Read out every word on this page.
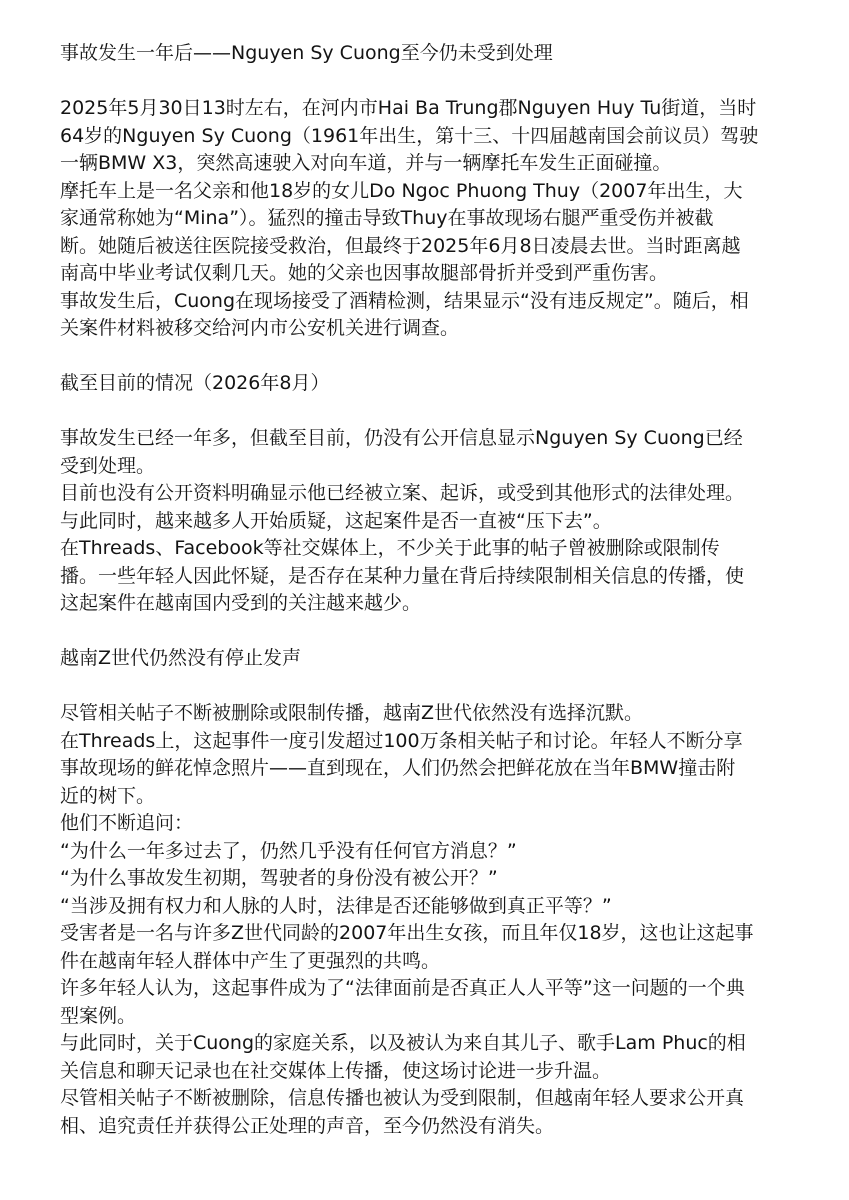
事故发生一年后——Nguyen Sy Cuong至今仍未受到处理
2025年5月30日13时左右，在河内市Hai Ba Trung郡Nguyen Huy Tu街道，当时
64岁的Nguyen Sy Cuong（1961年出生，第十三、十四届越南国会前议员）驾驶
一辆BMW X3，突然高速驶入对向车道，并与一辆摩托车发生正面碰撞。
摩托车上是一名父亲和他18岁的女儿Do Ngoc Phuong Thuy（2007年出生，大
家通常称她为“Mina”）。猛烈的撞击导致Thuy在事故现场右腿严重受伤并被截
断。她随后被送往医院接受救治，但最终于2025年6月8日凌晨去世。当时距离越
南高中毕业考试仅剩几天。她的父亲也因事故腿部骨折并受到严重伤害。
事故发生后，Cuong在现场接受了酒精检测，结果显示“没有违反规定”。随后，相
关案件材料被移交给河内市公安机关进行调查。
截至目前的情况（2026年8月）
事故发生已经一年多，但截至目前，仍没有公开信息显示Nguyen Sy Cuong已经
受到处理。
目前也没有公开资料明确显示他已经被立案、起诉，或受到其他形式的法律处理。
与此同时，越来越多人开始质疑，这起案件是否一直被“压下去”。
在Threads、Facebook等社交媒体上，不少关于此事的帖子曾被删除或限制传
播。一些年轻人因此怀疑，是否存在某种力量在背后持续限制相关信息的传播，使
这起案件在越南国内受到的关注越来越少。
越南Z世代仍然没有停止发声
尽管相关帖子不断被删除或限制传播，越南Z世代依然没有选择沉默。
在Threads上，这起事件一度引发超过100万条相关帖子和讨论。年轻人不断分享
事故现场的鲜花悼念照片——直到现在，人们仍然会把鲜花放在当年BMW撞击附
近的树下。
他们不断追问：
“为什么一年多过去了，仍然几乎没有任何官方消息？”
“为什么事故发生初期，驾驶者的身份没有被公开？”
“当涉及拥有权力和人脉的人时，法律是否还能够做到真正平等？”
受害者是一名与许多Z世代同龄的2007年出生女孩，而且年仅18岁，这也让这起事
件在越南年轻人群体中产生了更强烈的共鸣。
许多年轻人认为，这起事件成为了“法律面前是否真正人人平等”这一问题的一个典
型案例。
与此同时，关于Cuong的家庭关系，以及被认为来自其儿子、歌手Lam Phuc的相
关信息和聊天记录也在社交媒体上传播，使这场讨论进一步升温。
尽管相关帖子不断被删除，信息传播也被认为受到限制，但越南年轻人要求公开真
相、追究责任并获得公正处理的声音，至今仍然没有消失。
